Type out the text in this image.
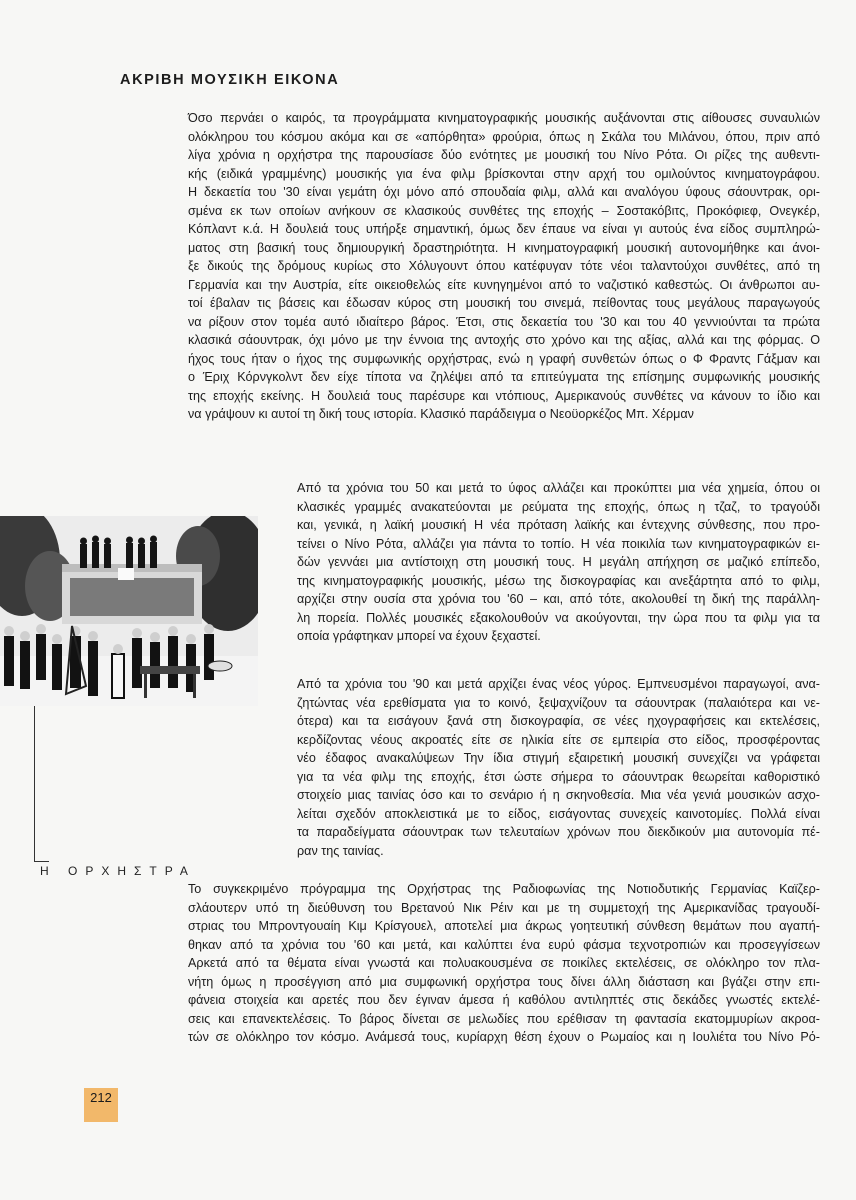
ΑΚΡΙΒΗ ΜΟΥΣΙΚΗ ΕΙΚΟΝΑ

Όσο περνάει ο καιρός, τα προγράμματα κινηματογραφικής μουσικής αυξάνονται στις αίθουσες συναυλιών
ολόκληρου του κόσμου ακόμα και σε «απόρθητα» φρούρια, όπως η Σκάλα του Μιλάνου, όπου, πριν από
λίγα χρόνια η ορχήστρα της παρουσίασε δύο ενότητες με μουσική του Νίνο Ρότα. Οι ρίζες της αυθεντι-
κής (ειδικά γραμμένης) μουσικής για ένα φιλμ βρίσκονται στην αρχή του ομιλούντος κινηματογράφου.
Η δεκαετία του '30 είναι γεμάτη όχι μόνο από σπουδαία φιλμ, αλλά και αναλόγου ύφους σάουντρακ, ορι-
σμένα εκ των οποίων ανήκουν σε κλασικούς συνθέτες της εποχής – Σοστακόβιτς, Προκόφιεφ, Ονεγκέρ,
Κόπλαντ κ.ά. Η δουλειά τους υπήρξε σημαντική, όμως δεν έπαυε να είναι γι αυτούς ένα είδος συμπληρώ-
ματος στη βασική τους δημιουργική δραστηριότητα. Η κινηματογραφική μουσική αυτονομήθηκε και άνοι-
ξε δικούς της δρόμους κυρίως στο Χόλυγουντ όπου κατέφυγαν τότε νέοι ταλαντούχοι συνθέτες, από τη
Γερμανία και την Αυστρία, είτε οικειοθελώς είτε κυνηγημένοι από το ναζιστικό καθεστώς. Οι άνθρωποι αυ-
τοί έβαλαν τις βάσεις και έδωσαν κύρος στη μουσική του σινεμά, πείθοντας τους μεγάλους παραγωγούς
να ρίξουν στον τομέα αυτό ιδιαίτερο βάρος. Έτσι, στις δεκαετία του '30 και του 40 γεννιούνται τα πρώτα
κλασικά σάουντρακ, όχι μόνο με την έννοια της αντοχής στο χρόνο και της αξίας, αλλά και της φόρμας. Ο
ήχος τους ήταν ο ήχος της συμφωνικής ορχήστρας, ενώ η γραφή συνθετών όπως ο Φ Φραντς Γάξμαν και
ο Έριχ Κόρνγκολντ δεν είχε τίποτα να ζηλέψει από τα επιτεύγματα της επίσημης συμφωνικής μουσικής
της εποχής εκείνης. Η δουλειά τους παρέσυρε και ντόπιους, Αμερικανούς συνθέτες να κάνουν το ίδιο και
να γράψουν κι αυτοί τη δική τους ιστορία. Κλασικό παράδειγμα ο Νεοϋορκέζος Μπ. Χέρμαν

Από τα χρόνια του 50 και μετά το ύφος αλλάζει και προκύπτει μια νέα χημεία, όπου οι
κλασικές γραμμές ανακατεύονται με ρεύματα της εποχής, όπως η τζαζ, το τραγούδι
και, γενικά, η λαϊκή μουσική Η νέα πρόταση λαϊκής και έντεχνης σύνθεσης, που προ-
τείνει ο Νίνο Ρότα, αλλάζει για πάντα το τοπίο. Η νέα ποικιλία των κινηματογραφικών ει-
δών γεννάει μια αντίστοιχη στη μουσική τους. Η μεγάλη απήχηση σε μαζικό επίπεδο,
της κινηματογραφικής μουσικής, μέσω της δισκογραφίας και ανεξάρτητα από το φιλμ,
αρχίζει στην ουσία στα χρόνια του '60 – και, από τότε, ακολουθεί τη δική της παράλλη-
λη πορεία. Πολλές μουσικές εξακολουθούν να ακούγονται, την ώρα που τα φιλμ για τα
οποία γράφτηκαν μπορεί να έχουν ξεχαστεί.

Από τα χρόνια του '90 και μετά αρχίζει ένας νέος γύρος. Εμπνευσμένοι παραγωγοί, ανα-
ζητώντας νέα ερεθίσματα για το κοινό, ξεψαχνίζουν τα σάουντρακ (παλαιότερα και νε-
ότερα) και τα εισάγουν ξανά στη δισκογραφία, σε νέες ηχογραφήσεις και εκτελέσεις,
κερδίζοντας νέους ακροατές είτε σε ηλικία είτε σε εμπειρία στο είδος, προσφέροντας
νέο έδαφος ανακαλύψεων Την ίδια στιγμή εξαιρετική μουσική συνεχίζει να γράφεται
για τα νέα φιλμ της εποχής, έτσι ώστε σήμερα το σάουντρακ θεωρείται καθοριστικό
στοιχείο μιας ταινίας όσο και το σενάριο ή η σκηνοθεσία. Μια νέα γενιά μουσικών ασχο-
λείται σχεδόν αποκλειστικά με το είδος, εισάγοντας συνεχείς καινοτομίες. Πολλά είναι
τα παραδείγματα σάουντρακ των τελευταίων χρόνων που διεκδικούν μια αυτονομία πέ-
ραν της ταινίας.

Το συγκεκριμένο πρόγραμμα της Ορχήστρας της Ραδιοφωνίας της Νοτιοδυτικής Γερμανίας Καϊζερ-
σλάουτερν υπό τη διεύθυνση του Βρετανού Νικ Ρέιν και με τη συμμετοχή της Αμερικανίδας τραγουδί-
στριας του Μπροντγουαίη Κιμ Κρίσγουελ, αποτελεί μια άκρως γοητευτική σύνθεση θεμάτων που αγαπή-
θηκαν από τα χρόνια του '60 και μετά, και καλύπτει ένα ευρύ φάσμα τεχνοτροπιών και προσεγγίσεων
Αρκετά από τα θέματα είναι γνωστά και πολυακουσμένα σε ποικίλες εκτελέσεις, σε ολόκληρο τον πλα-
νήτη όμως η προσέγγιση από μια συμφωνική ορχήστρα τους δίνει άλλη διάσταση και βγάζει στην επι-
φάνεια στοιχεία και αρετές που δεν έγιναν άμεσα ή καθόλου αντιληπτές στις δεκάδες γνωστές εκτελέ-
σεις και επανεκτελέσεις. Το βάρος δίνεται σε μελωδίες που ερέθισαν τη φαντασία εκατομμυρίων ακροα-
τών σε ολόκληρο τον κόσμο. Ανάμεσά τους, κυρίαρχη θέση έχουν ο Ρωμαίος και η Ιουλιέτα του Νίνο Ρό-

Η ΟΡΧΗΣΤΡΑ
212
